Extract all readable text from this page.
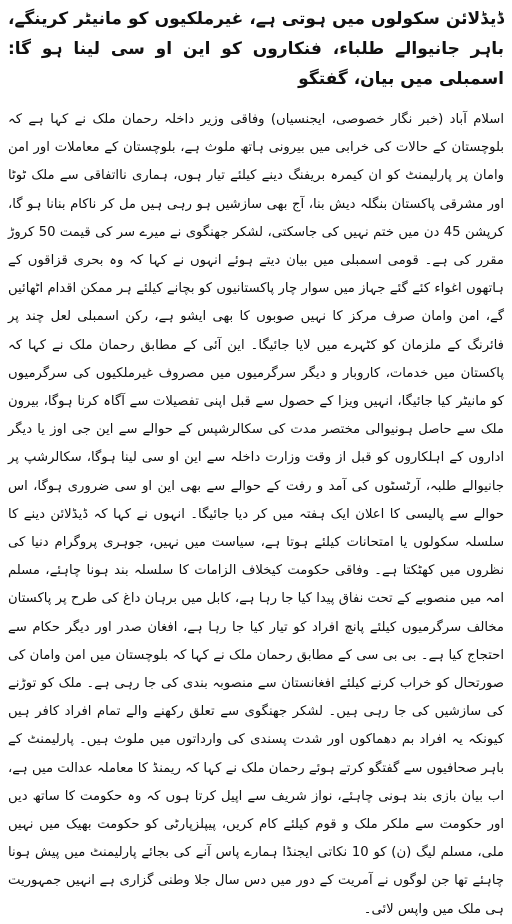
ڈیڈلائن سکولوں میں ہوتی ہے، غیرملکیوں کو مانیٹر کرینگے، باہر جانیوالے طلباء، فنکاروں کو این او سی لینا ہو گا: اسمبلی میں بیان، گفتگو

اسلام آباد (خبر نگار خصوصی، ایجنسیاں) وفاقی وزیر داخلہ رحمان ملک نے کہا ہے کہ بلوچستان کے حالات کی خرابی میں بیرونی ہاتھ ملوث ہے، بلوچستان کے معاملات اور امن وامان پر پارلیمنٹ کو ان کیمرہ بریفنگ دینے کیلئے تیار ہوں، ہماری نااتفاقی سے ملک ٹوٹا اور مشرقی پاکستان بنگلہ دیش بنا، آج بھی سازشیں ہو رہی ہیں مل کر ناکام بنانا ہو گا، کرپشن 45 دن میں ختم نہیں کی جاسکتی، لشکر جھنگوی نے میرے سر کی قیمت 50 کروڑ مقرر کی ہے۔ قومی اسمبلی میں بیان دیتے ہوئے انہوں نے کہا کہ وہ بحری قزاقوں کے ہاتھوں اغواء کئے گئے جہاز میں سوار چار پاکستانیوں کو بچانے کیلئے ہر ممکن اقدام اٹھائیں گے، امن وامان صرف مرکز کا نہیں صوبوں کا بھی ایشو ہے، رکن اسمبلی لعل چند پر فائرنگ کے ملزمان کو کٹہرے میں لایا جائیگا۔ این آئی کے مطابق رحمان ملک نے کہا کہ پاکستان میں خدمات، کاروبار و دیگر سرگرمیوں میں مصروف غیرملکیوں کی سرگرمیوں کو مانیٹر کیا جائیگا، انہیں ویزا کے حصول سے قبل اپنی تفصیلات سے آگاہ کرنا ہوگا، بیرون ملک سے حاصل ہونیوالی مختصر مدت کی سکالرشپس کے حوالے سے این جی اوز یا دیگر اداروں کے اہلکاروں کو قبل از وقت وزارت داخلہ سے این او سی لینا ہوگا، سکالرشپ پر جانیوالے طلبہ، آرٹسٹوں کی آمد و رفت کے حوالے سے بھی این او سی ضروری ہوگا، اس حوالے سے پالیسی کا اعلان ایک ہفتہ میں کر دیا جائیگا۔ انہوں نے کہا کہ ڈیڈلائن دینے کا سلسلہ سکولوں یا امتحانات کیلئے ہوتا ہے، سیاست میں نہیں، جوہری پروگرام دنیا کی نظروں میں کھٹکتا ہے۔ وفاقی حکومت کیخلاف الزامات کا سلسلہ بند ہونا چاہئے، مسلم امہ میں منصوبے کے تحت نفاق پیدا کیا جا رہا ہے، کابل میں برہان داغ کی طرح پر پاکستان مخالف سرگرمیوں کیلئے پانچ افراد کو تیار کیا جا رہا ہے، افغان صدر اور دیگر حکام سے احتجاج کیا ہے۔ بی بی سی کے مطابق رحمان ملک نے کہا کہ بلوچستان میں امن وامان کی صورتحال کو خراب کرنے کیلئے افغانستان سے منصوبہ بندی کی جا رہی ہے۔ ملک کو توڑنے کی سازشیں کی جا رہی ہیں۔ لشکر جھنگوی سے تعلق رکھنے والے تمام افراد کافر ہیں کیونکہ یہ افراد بم دھماکوں اور شدت پسندی کی وارداتوں میں ملوث ہیں۔ پارلیمنٹ کے باہر صحافیوں سے گفتگو کرتے ہوئے رحمان ملک نے کہا کہ ریمنڈ کا معاملہ عدالت میں ہے، اب بیان بازی بند ہونی چاہئے، نواز شریف سے اپیل کرتا ہوں کہ وہ حکومت کا ساتھ دیں اور حکومت سے ملکر ملک و قوم کیلئے کام کریں، پیپلزپارٹی کو حکومت بھیک میں نہیں ملی، مسلم لیگ (ن) کو 10 نکاتی ایجنڈا ہمارے پاس آنے کی بجائے پارلیمنٹ میں پیش ہونا چاہئے تھا جن لوگوں نے آمریت کے دور میں دس سال جلا وطنی گزاری ہے انہیں جمہوریت ہی ملک میں واپس لائی۔
